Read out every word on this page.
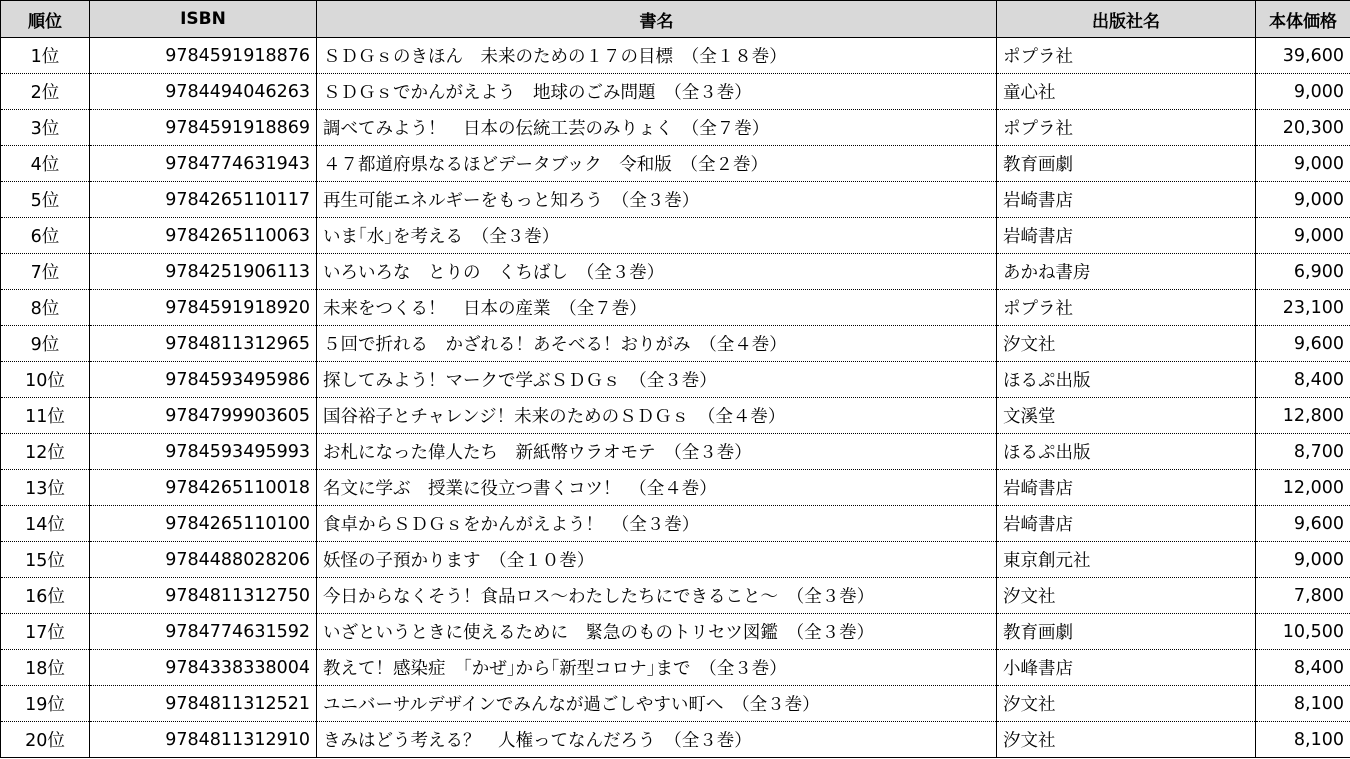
順位	ISBN	書名	出版社名	本体価格
1位	9784591918876	ＳＤＧｓのきほん　未来のための１７の目標　（全１８巻）	ポプラ社	39,600
2位	9784494046263	ＳＤＧｓでかんがえよう　地球のごみ問題　（全３巻）	童心社	9,000
3位	9784591918869	調べてみよう！　日本の伝統工芸のみりょく　（全７巻）	ポプラ社	20,300
4位	9784774631943	４７都道府県なるほどデータブック　令和版　（全２巻）	教育画劇	9,000
5位	9784265110117	再生可能エネルギーをもっと知ろう　（全３巻）	岩崎書店	9,000
6位	9784265110063	いま｢水｣を考える　（全３巻）	岩崎書店	9,000
7位	9784251906113	いろいろな　とりの　くちばし　（全３巻）	あかね書房	6,900
8位	9784591918920	未来をつくる！　日本の産業　（全７巻）	ポプラ社	23,100
9位	9784811312965	５回で折れる　かざれる！あそべる！おりがみ　（全４巻）	汐文社	9,600
10位	9784593495986	探してみよう！マークで学ぶＳＤＧｓ　（全３巻）	ほるぷ出版	8,400
11位	9784799903605	国谷裕子とチャレンジ！未来のためのＳＤＧｓ　（全４巻）	文溪堂	12,800
12位	9784593495993	お札になった偉人たち　新紙幣ウラオモテ　（全３巻）	ほるぷ出版	8,700
13位	9784265110018	名文に学ぶ　授業に役立つ書くコツ！　（全４巻）	岩崎書店	12,000
14位	9784265110100	食卓からＳＤＧｓをかんがえよう！　（全３巻）	岩崎書店	9,600
15位	9784488028206	妖怪の子預かります　（全１０巻）	東京創元社	9,000
16位	9784811312750	今日からなくそう！食品ロス～わたしたちにできること～　（全３巻）	汐文社	7,800
17位	9784774631592	いざというときに使えるために　緊急のものトリセツ図鑑　（全３巻）	教育画劇	10,500
18位	9784338338004	教えて！感染症　｢かぜ｣から｢新型コロナ｣まで　（全３巻）	小峰書店	8,400
19位	9784811312521	ユニバーサルデザインでみんなが過ごしやすい町へ　（全３巻）	汐文社	8,100
20位	9784811312910	きみはどう考える？　人権ってなんだろう　（全３巻）	汐文社	8,100
